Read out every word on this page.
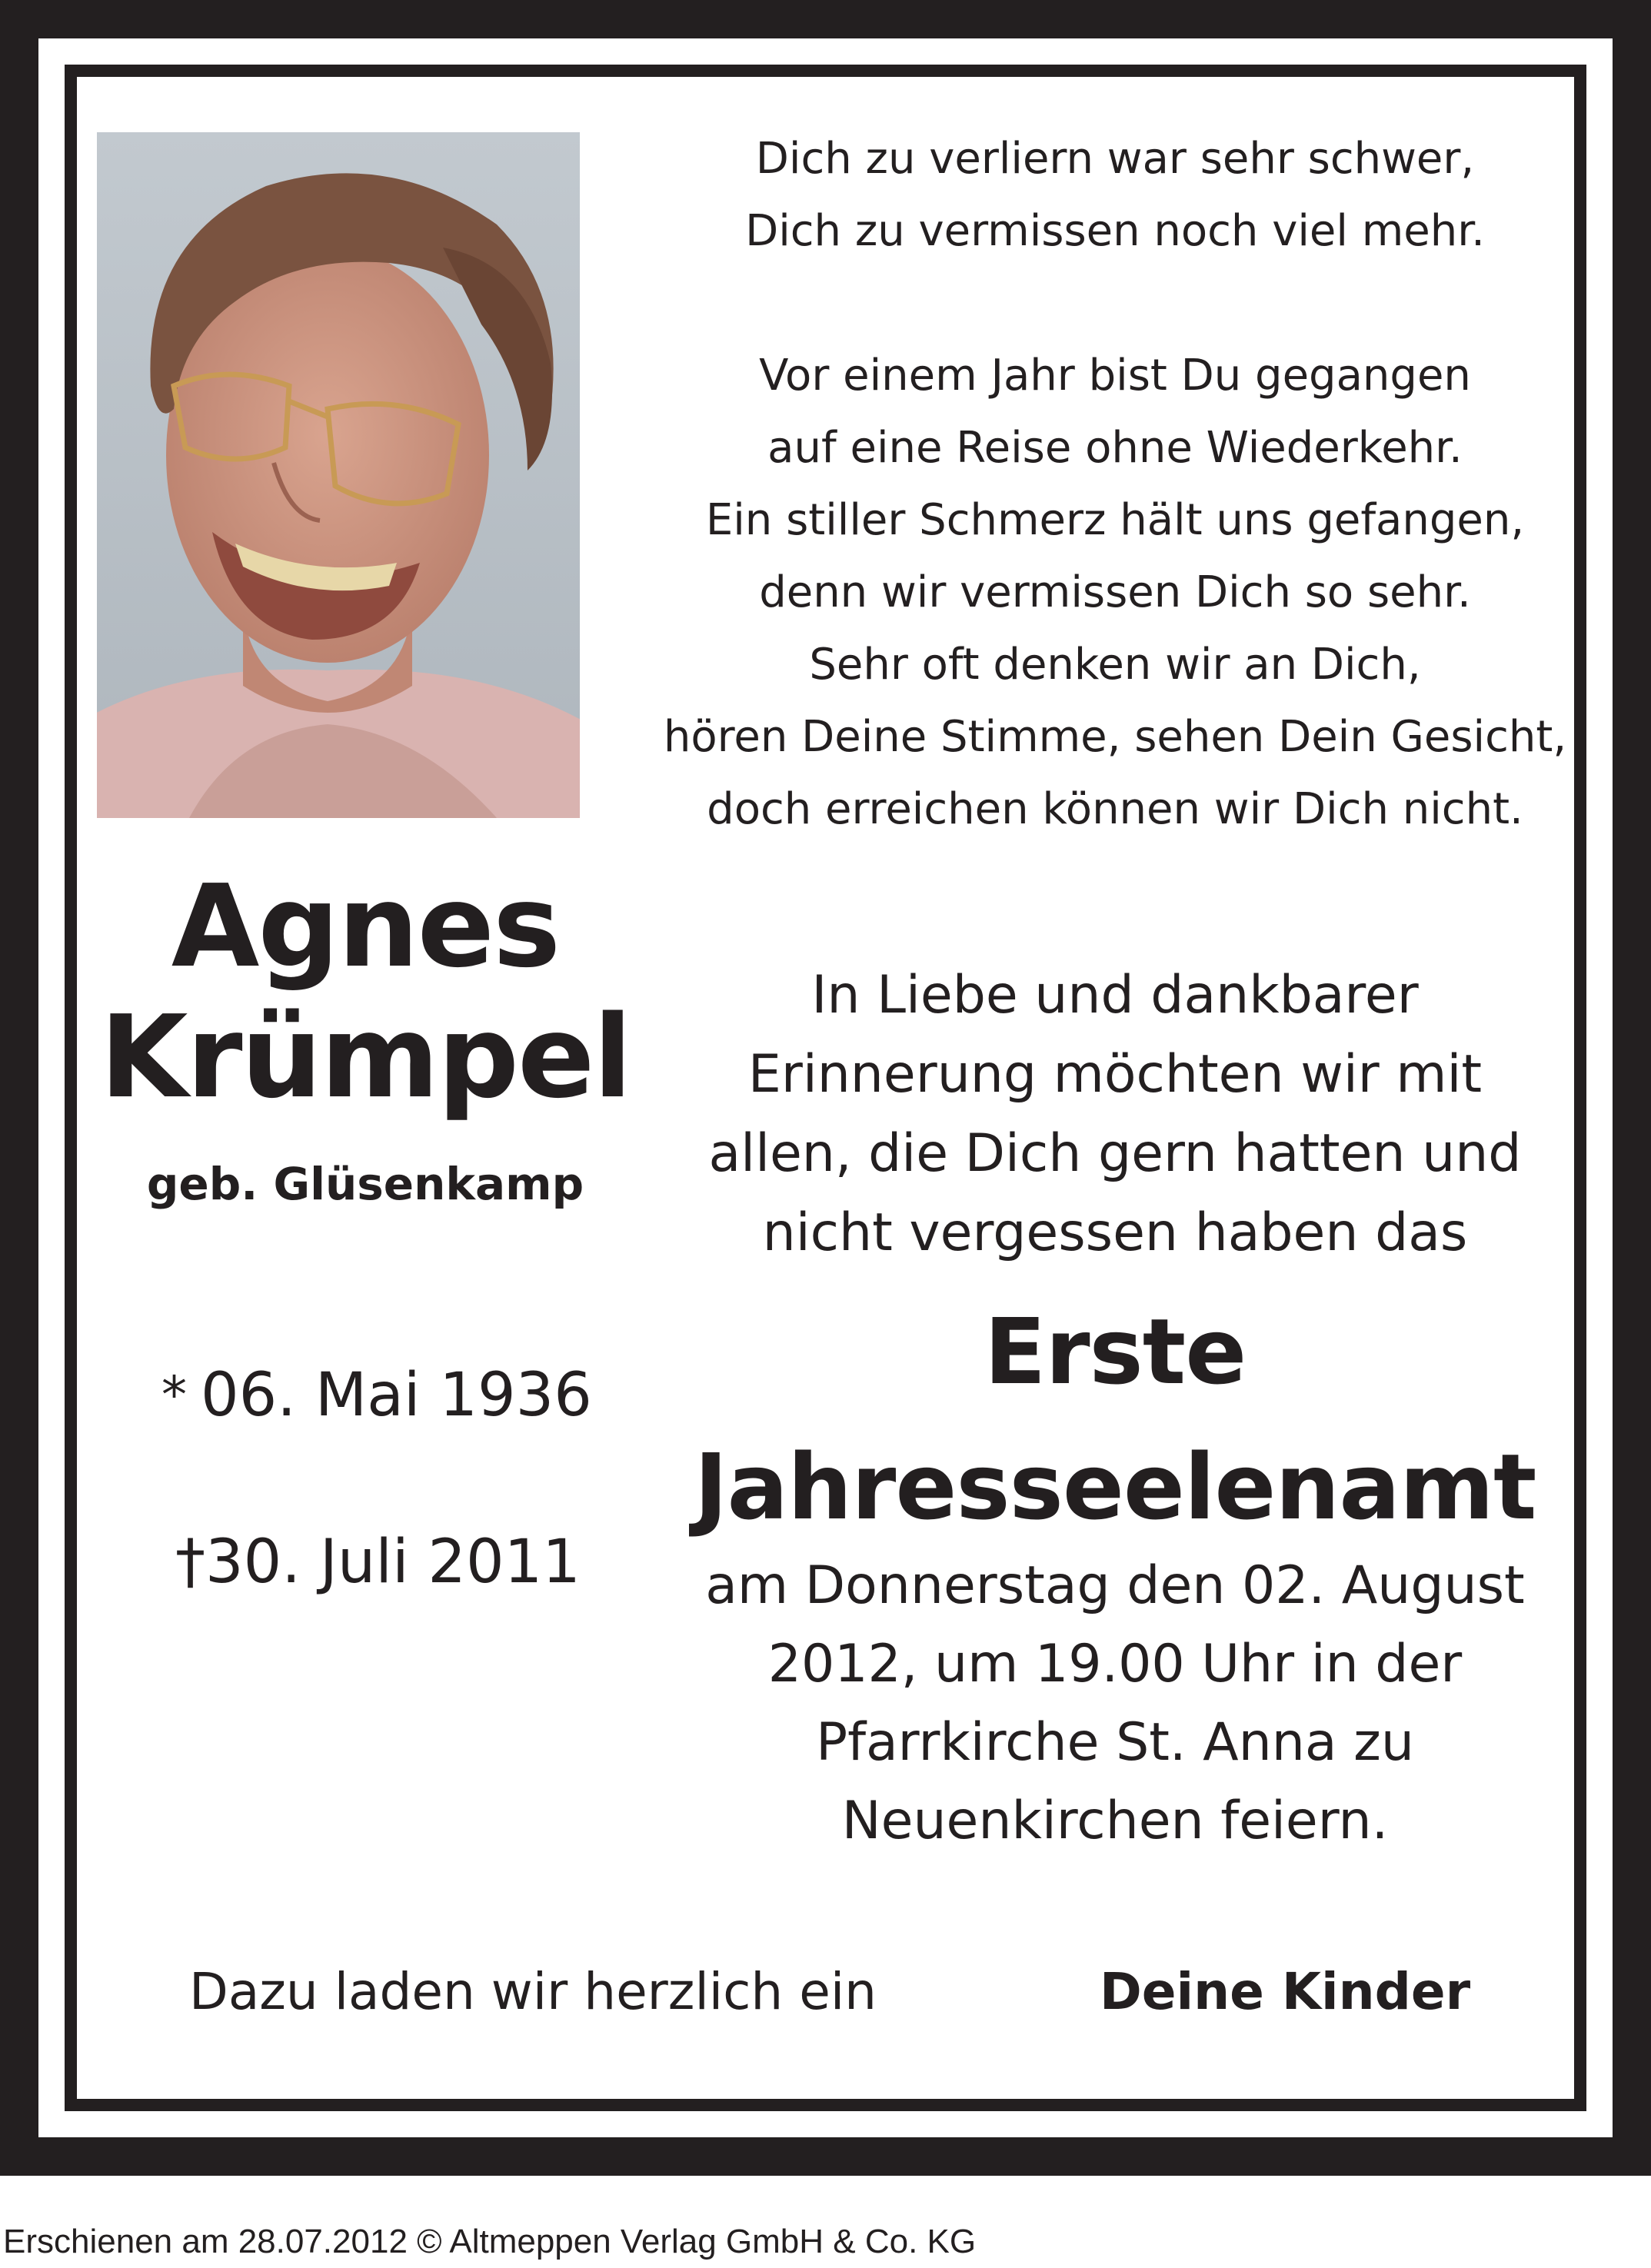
Dich zu verliern war sehr schwer,
Dich zu vermissen noch viel mehr.
Vor einem Jahr bist Du gegangen
auf eine Reise ohne Wiederkehr.
Ein stiller Schmerz hält uns gefangen,
denn wir vermissen Dich so sehr.
Sehr oft denken wir an Dich,
hören Deine Stimme, sehen Dein Gesicht,
doch erreichen können wir Dich nicht.
Agnes
Krümpel
geb. Glüsenkamp
* 06. Mai 1936
†30. Juli 2011
In Liebe und dankbarer
Erinnerung möchten wir mit
allen, die Dich gern hatten und
nicht vergessen haben das
Erste
Jahresseelenamt
am Donnerstag den 02. August
2012, um 19.00 Uhr in der
Pfarrkirche St. Anna zu
Neuenkirchen feiern.
Dazu laden wir herzlich ein	Deine Kinder
Erschienen am 28.07.2012 © Altmeppen Verlag GmbH & Co. KG
